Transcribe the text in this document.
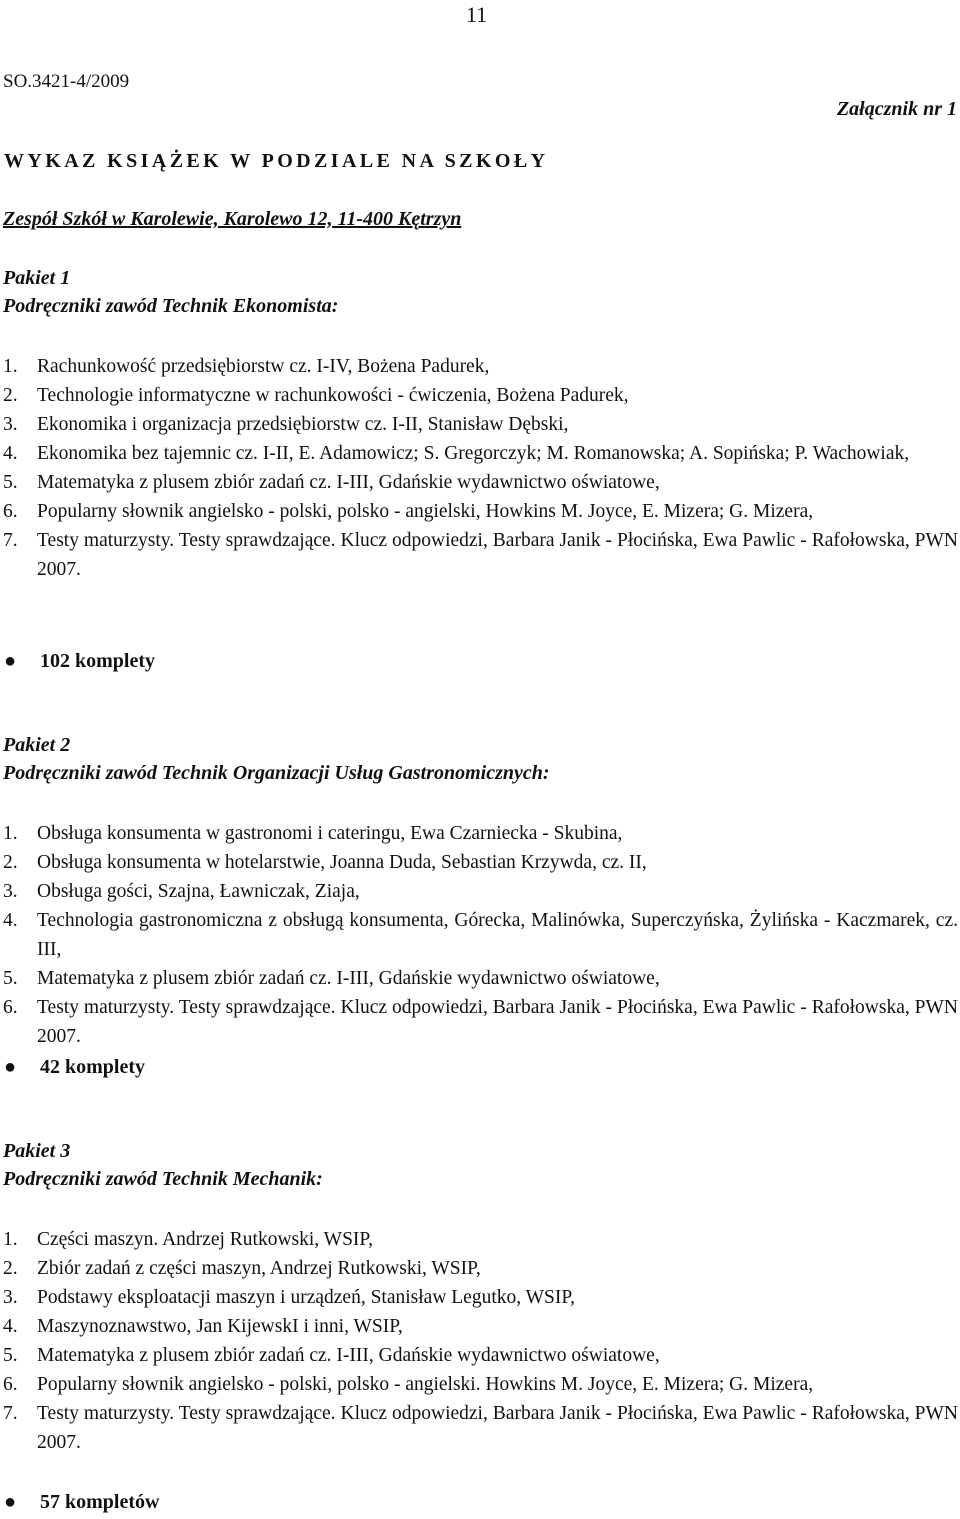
11
SO.3421-4/2009
Załącznik nr 1
WYKAZ KSIĄŻEK W PODZIALE NA SZKOŁY
Zespół Szkół w Karolewie, Karolewo 12, 11-400 Kętrzyn
Pakiet 1
Podręczniki zawód Technik Ekonomista:
1. Rachunkowość przedsiębiorstw cz. I-IV, Bożena Padurek,
2. Technologie informatyczne w rachunkowości - ćwiczenia, Bożena Padurek,
3. Ekonomika i organizacja przedsiębiorstw cz. I-II, Stanisław Dębski,
4. Ekonomika bez tajemnic cz. I-II, E. Adamowicz; S. Gregorczyk; M. Romanowska; A. Sopińska; P. Wachowiak,
5. Matematyka z plusem zbiór zadań cz. I-III, Gdańskie wydawnictwo oświatowe,
6. Popularny słownik angielsko - polski, polsko - angielski, Howkins M. Joyce, E. Mizera; G. Mizera,
7. Testy maturzysty. Testy sprawdzające. Klucz odpowiedzi, Barbara Janik - Płocińska, Ewa Pawlic - Rafołowska, PWN 2007.
● 102 komplety
Pakiet 2
Podręczniki zawód Technik Organizacji Usług Gastronomicznych:
1. Obsługa konsumenta w gastronomi i cateringu, Ewa Czarniecka - Skubina,
2. Obsługa konsumenta w hotelarstwie, Joanna Duda, Sebastian Krzywda, cz. II,
3. Obsługa gości, Szajna, Ławniczak, Ziaja,
4. Technologia gastronomiczna z obsługą konsumenta, Górecka, Malinówka, Superczyńska, Żylińska - Kaczmarek, cz. III,
5. Matematyka z plusem zbiór zadań cz. I-III, Gdańskie wydawnictwo oświatowe,
6. Testy maturzysty. Testy sprawdzające. Klucz odpowiedzi, Barbara Janik - Płocińska, Ewa Pawlic - Rafołowska, PWN 2007.
● 42 komplety
Pakiet 3
Podręczniki zawód Technik Mechanik:
1. Części maszyn. Andrzej Rutkowski, WSIP,
2. Zbiór zadań z części maszyn, Andrzej Rutkowski, WSIP,
3. Podstawy eksploatacji maszyn i urządzeń, Stanisław Legutko, WSIP,
4. Maszynoznawstwo, Jan KijewskI i inni, WSIP,
5. Matematyka z plusem zbiór zadań cz. I-III, Gdańskie wydawnictwo oświatowe,
6. Popularny słownik angielsko - polski, polsko - angielski. Howkins M. Joyce, E. Mizera; G. Mizera,
7. Testy maturzysty. Testy sprawdzające. Klucz odpowiedzi, Barbara Janik - Płocińska, Ewa Pawlic - Rafołowska, PWN 2007.
● 57 kompletów
